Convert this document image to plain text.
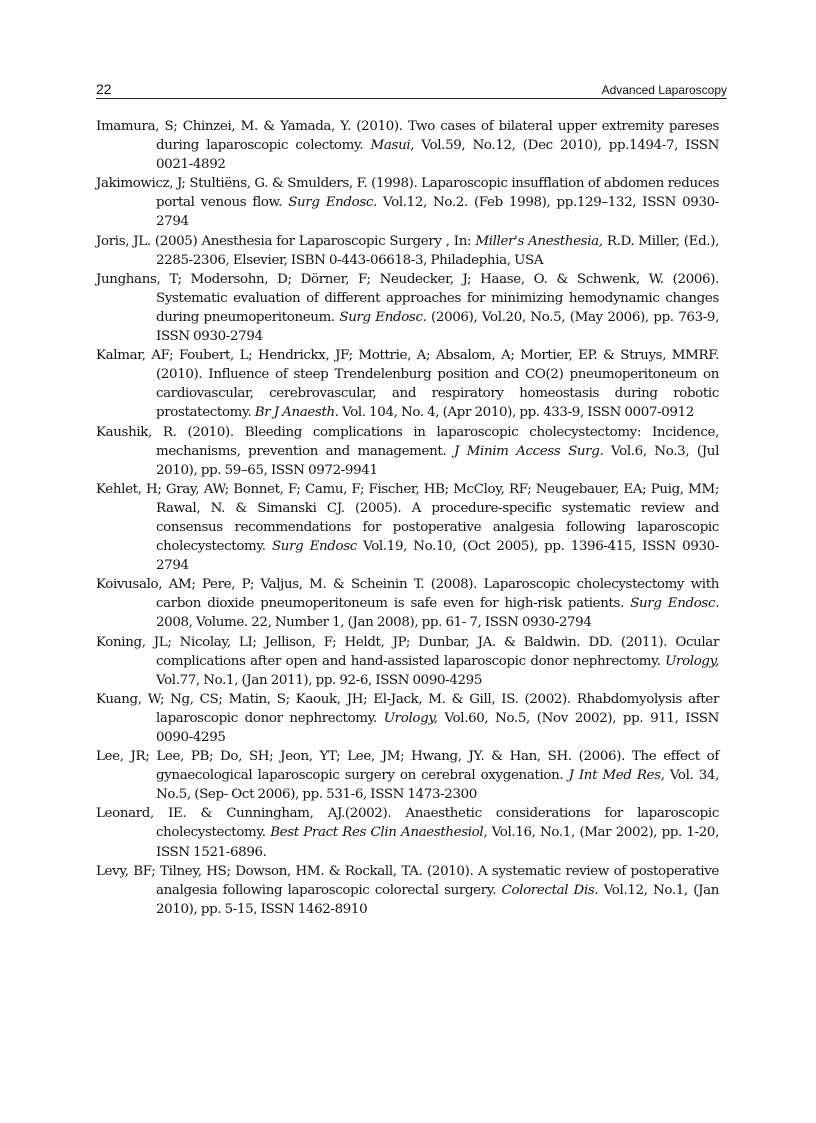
22	Advanced Laparoscopy

Imamura, S; Chinzei, M. & Yamada, Y. (2010). Two cases of bilateral upper extremity pareses during laparoscopic colectomy. Masui, Vol.59, No.12, (Dec 2010), pp.1494-7, ISSN 0021-4892

Jakimowicz, J; Stultiëns, G. & Smulders, F. (1998). Laparoscopic insufflation of abdomen reduces portal venous flow. Surg Endosc. Vol.12, No.2. (Feb 1998), pp.129–132, ISSN 0930-2794

Joris, JL. (2005) Anesthesia for Laparoscopic Surgery , In: Miller's Anesthesia, R.D. Miller, (Ed.), 2285-2306, Elsevier, ISBN 0-443-06618-3, Philadephia, USA

Junghans, T; Modersohn, D; Dörner, F; Neudecker, J; Haase, O. & Schwenk, W. (2006). Systematic evaluation of different approaches for minimizing hemodynamic changes during pneumoperitoneum. Surg Endosc. (2006), Vol.20, No.5, (May 2006), pp. 763-9, ISSN 0930-2794

Kalmar, AF; Foubert, L; Hendrickx, JF; Mottrie, A; Absalom, A; Mortier, EP. & Struys, MMRF. (2010). Influence of steep Trendelenburg position and CO(2) pneumoperitoneum on cardiovascular, cerebrovascular, and respiratory homeostasis during robotic prostatectomy. Br J Anaesth. Vol. 104, No. 4, (Apr 2010), pp. 433-9, ISSN 0007-0912

Kaushik, R. (2010). Bleeding complications in laparoscopic cholecystectomy: Incidence, mechanisms, prevention and management. J Minim Access Surg. Vol.6, No.3, (Jul 2010), pp. 59–65, ISSN 0972-9941

Kehlet, H; Gray, AW; Bonnet, F; Camu, F; Fischer, HB; McCloy, RF; Neugebauer, EA; Puig, MM; Rawal, N. & Simanski CJ. (2005). A procedure-specific systematic review and consensus recommendations for postoperative analgesia following laparoscopic cholecystectomy. Surg Endosc Vol.19, No.10, (Oct 2005), pp. 1396-415, ISSN 0930-2794

Koivusalo, AM; Pere, P; Valjus, M. & Scheinin T. (2008). Laparoscopic cholecystectomy with carbon dioxide pneumoperitoneum is safe even for high-risk patients. Surg Endosc. 2008, Volume. 22, Number 1, (Jan 2008), pp. 61- 7, ISSN 0930-2794

Koning, JL; Nicolay, LI; Jellison, F; Heldt, JP; Dunbar, JA. & Baldwin. DD. (2011). Ocular complications after open and hand-assisted laparoscopic donor nephrectomy. Urology, Vol.77, No.1, (Jan 2011), pp. 92-6, ISSN 0090-4295

Kuang, W; Ng, CS; Matin, S; Kaouk, JH; El-Jack, M. & Gill, IS. (2002). Rhabdomyolysis after laparoscopic donor nephrectomy. Urology, Vol.60, No.5, (Nov 2002), pp. 911, ISSN 0090-4295

Lee, JR; Lee, PB; Do, SH; Jeon, YT; Lee, JM; Hwang, JY. & Han, SH. (2006). The effect of gynaecological laparoscopic surgery on cerebral oxygenation. J Int Med Res, Vol. 34, No.5, (Sep- Oct 2006), pp. 531-6, ISSN 1473-2300

Leonard, IE. & Cunningham, AJ.(2002). Anaesthetic considerations for laparoscopic cholecystectomy. Best Pract Res Clin Anaesthesiol, Vol.16, No.1, (Mar 2002), pp. 1-20, ISSN 1521-6896.

Levy, BF; Tilney, HS; Dowson, HM. & Rockall, TA. (2010). A systematic review of postoperative analgesia following laparoscopic colorectal surgery. Colorectal Dis. Vol.12, No.1, (Jan 2010), pp. 5-15, ISSN 1462-8910
